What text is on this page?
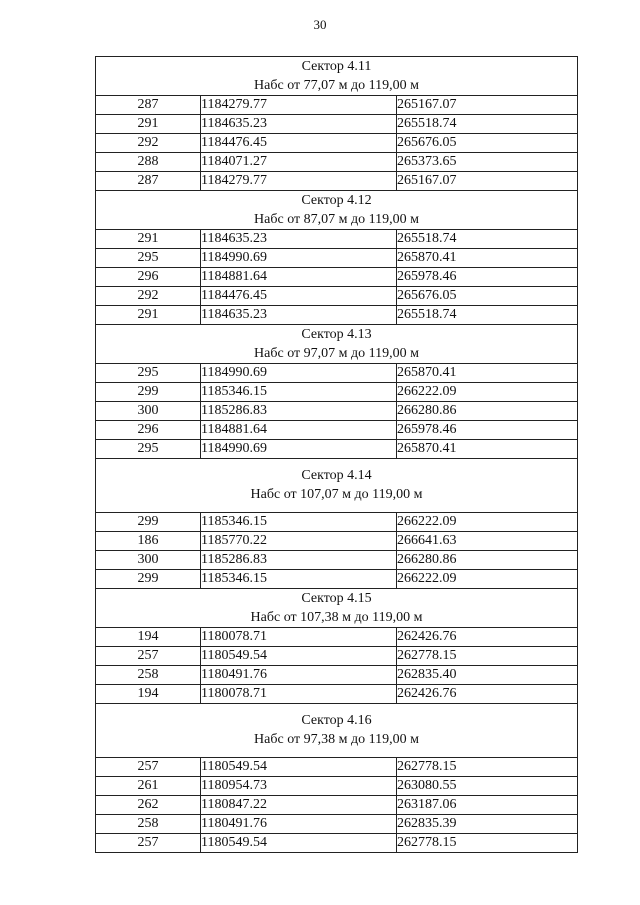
30
Сектор 4.11
Набс от 77,07 м до 119,00 м		

287	1184279.77	265167.07
291	1184635.23	265518.74
292	1184476.45	265676.05
288	1184071.27	265373.65
287	1184279.77	265167.07

Сектор 4.12
Набс от 87,07 м до 119,00 м		

291	1184635.23	265518.74
295	1184990.69	265870.41
296	1184881.64	265978.46
292	1184476.45	265676.05
291	1184635.23	265518.74

Сектор 4.13
Набс от 97,07 м до 119,00 м		

295	1184990.69	265870.41
299	1185346.15	266222.09
300	1185286.83	266280.86
296	1184881.64	265978.46
295	1184990.69	265870.41

Сектор 4.14
Набс от 107,07 м до 119,00 м		

299	1185346.15	266222.09
186	1185770.22	266641.63
300	1185286.83	266280.86
299	1185346.15	266222.09

Сектор 4.15
Набс от 107,38 м до 119,00 м		

194	1180078.71	262426.76
257	1180549.54	262778.15
258	1180491.76	262835.40
194	1180078.71	262426.76

Сектор 4.16
Набс от 97,38 м до 119,00 м		

257	1180549.54	262778.15
261	1180954.73	263080.55
262	1180847.22	263187.06
258	1180491.76	262835.39
257	1180549.54	262778.15
